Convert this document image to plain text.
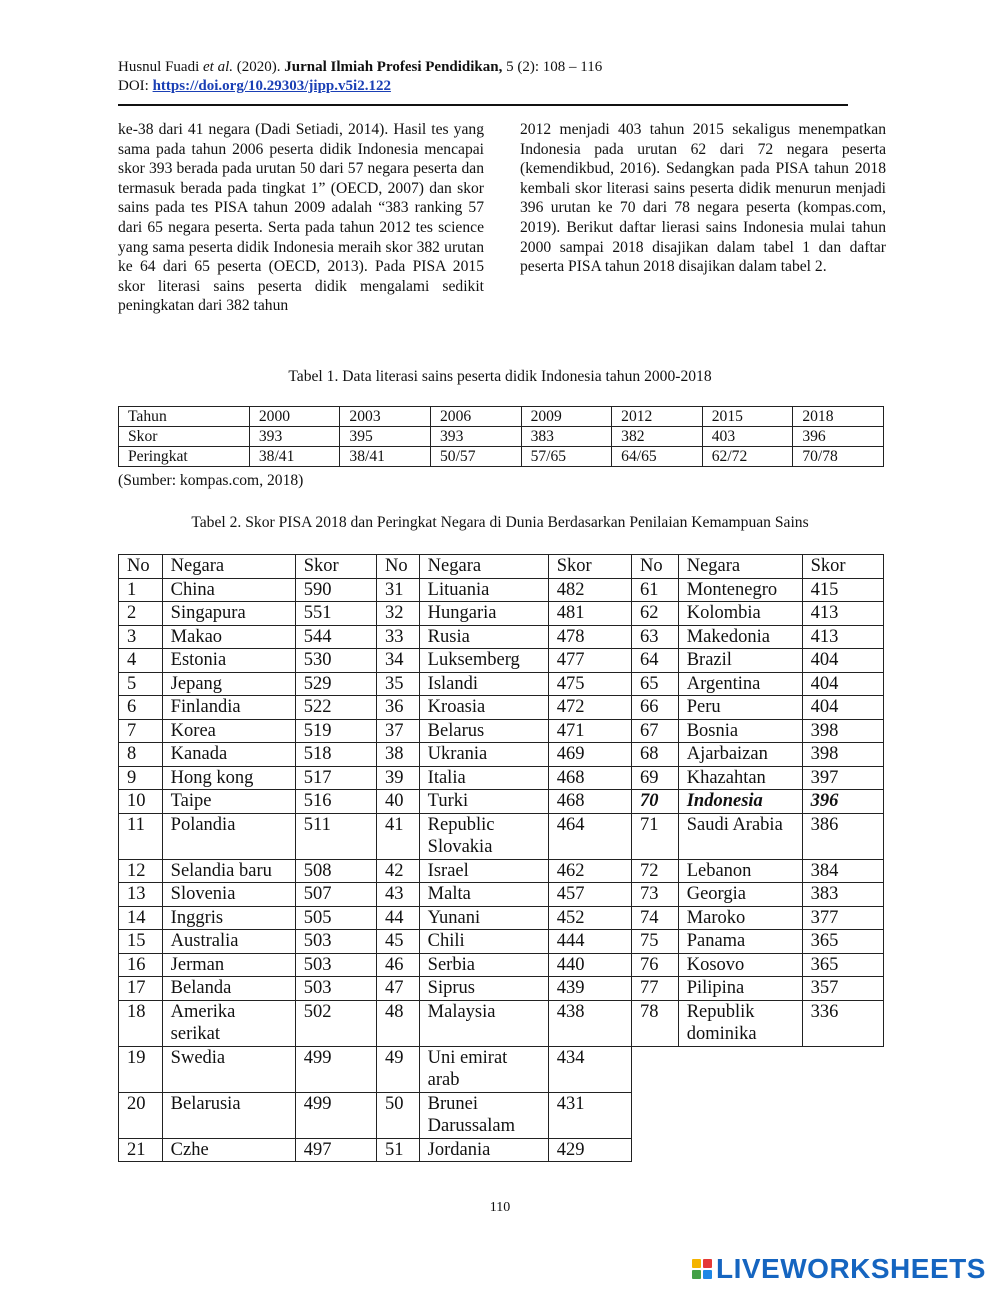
Husnul Fuadi et al. (2020). Jurnal Ilmiah Profesi Pendidikan, 5 (2): 108 – 116
DOI: https://doi.org/10.29303/jipp.v5i2.122
ke-38 dari 41 negara (Dadi Setiadi, 2014). Hasil tes yang sama pada tahun 2006 peserta didik Indonesia mencapai skor 393 berada pada urutan 50 dari 57 negara peserta dan termasuk berada pada tingkat 1” (OECD, 2007) dan skor sains pada tes PISA tahun 2009 adalah “383 ranking 57 dari 65 negara peserta. Serta pada tahun 2012 tes science yang sama peserta didik Indonesia meraih skor 382 urutan ke 64 dari 65 peserta (OECD, 2013). Pada PISA 2015 skor literasi sains peserta didik mengalami sedikit peningkatan dari 382 tahun
2012 menjadi 403 tahun 2015 sekaligus menempatkan Indonesia pada urutan 62 dari 72 negara peserta (kemendikbud, 2016). Sedangkan pada PISA tahun 2018 kembali skor literasi sains peserta didik menurun menjadi 396 urutan ke 70 dari 78 negara peserta (kompas.com, 2019). Berikut daftar lierasi sains Indonesia mulai tahun 2000 sampai 2018 disajikan dalam tabel 1 dan daftar peserta PISA tahun 2018 disajikan dalam tabel 2.
Tabel 1. Data literasi sains peserta didik Indonesia tahun 2000-2018
Tahun	2000	2003	2006	2009	2012	2015	2018
Skor	393	395	393	383	382	403	396
Peringkat	38/41	38/41	50/57	57/65	64/65	62/72	70/78
(Sumber: kompas.com, 2018)
Tabel 2. Skor PISA 2018 dan Peringkat Negara di Dunia Berdasarkan Penilaian Kemampuan Sains
No	Negara	Skor	No	Negara	Skor	No	Negara	Skor
1	China	590	31	Lituania	482	61	Montenegro	415
2	Singapura	551	32	Hungaria	481	62	Kolombia	413
3	Makao	544	33	Rusia	478	63	Makedonia	413
4	Estonia	530	34	Luksemberg	477	64	Brazil	404
5	Jepang	529	35	Islandi	475	65	Argentina	404
6	Finlandia	522	36	Kroasia	472	66	Peru	404
7	Korea	519	37	Belarus	471	67	Bosnia	398
8	Kanada	518	38	Ukrania	469	68	Ajarbaizan	398
9	Hong kong	517	39	Italia	468	69	Khazahtan	397
10	Taipe	516	40	Turki	468	70	Indonesia	396
11	Polandia	511	41	Republic Slovakia	464	71	Saudi Arabia	386
12	Selandia baru	508	42	Israel	462	72	Lebanon	384
13	Slovenia	507	43	Malta	457	73	Georgia	383
14	Inggris	505	44	Yunani	452	74	Maroko	377
15	Australia	503	45	Chili	444	75	Panama	365
16	Jerman	503	46	Serbia	440	76	Kosovo	365
17	Belanda	503	47	Siprus	439	77	Pilipina	357
18	Amerika serikat	502	48	Malaysia	438	78	Republik dominika	336
19	Swedia	499	49	Uni emirat arab	434			
20	Belarusia	499	50	Brunei Darussalam	431			
21	Czhe	497	51	Jordania	429			
110
LIVEWORKSHEETS
